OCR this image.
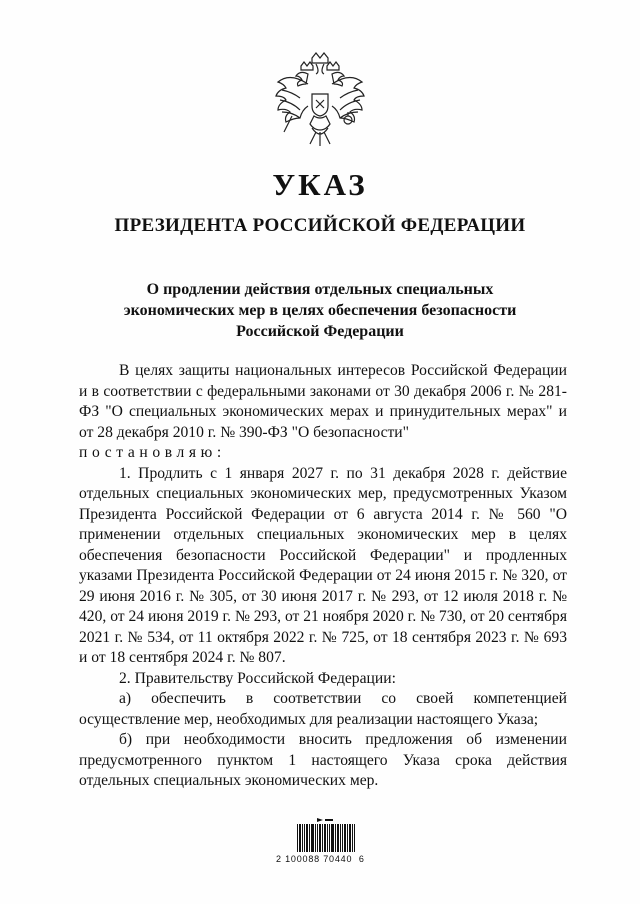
УКАЗ
ПРЕЗИДЕНТА РОССИЙСКОЙ ФЕДЕРАЦИИ
О продлении действия отдельных специальных
экономических мер в целях обеспечения безопасности
Российской Федерации

В целях защиты национальных интересов Российской Федерации и в соответствии с федеральными законами от 30 декабря 2006 г. № 281-ФЗ "О специальных экономических мерах и принудительных мерах" и от 28 декабря 2010 г. № 390-ФЗ "О безопасности"

постановляю:

1. Продлить с 1 января 2027 г. по 31 декабря 2028 г. действие отдельных специальных экономических мер, предусмотренных Указом Президента Российской Федерации от 6 августа 2014 г. № 560 "О применении отдельных специальных экономических мер в целях обеспечения безопасности Российской Федерации" и продленных указами Президента Российской Федерации от 24 июня 2015 г. № 320, от 29 июня 2016 г. № 305, от 30 июня 2017 г. № 293, от 12 июля 2018 г. № 420, от 24 июня 2019 г. № 293, от 21 ноября 2020 г. № 730, от 20 сентября 2021 г. № 534, от 11 октября 2022 г. № 725, от 18 сентября 2023 г. № 693 и от 18 сентября 2024 г. № 807.

2. Правительству Российской Федерации:

а) обеспечить в соответствии со своей компетенцией осуществление мер, необходимых для реализации настоящего Указа;

б) при необходимости вносить предложения об изменении предусмотренного пунктом 1 настоящего Указа срока действия отдельных специальных экономических мер.

2 100088 70440  6
